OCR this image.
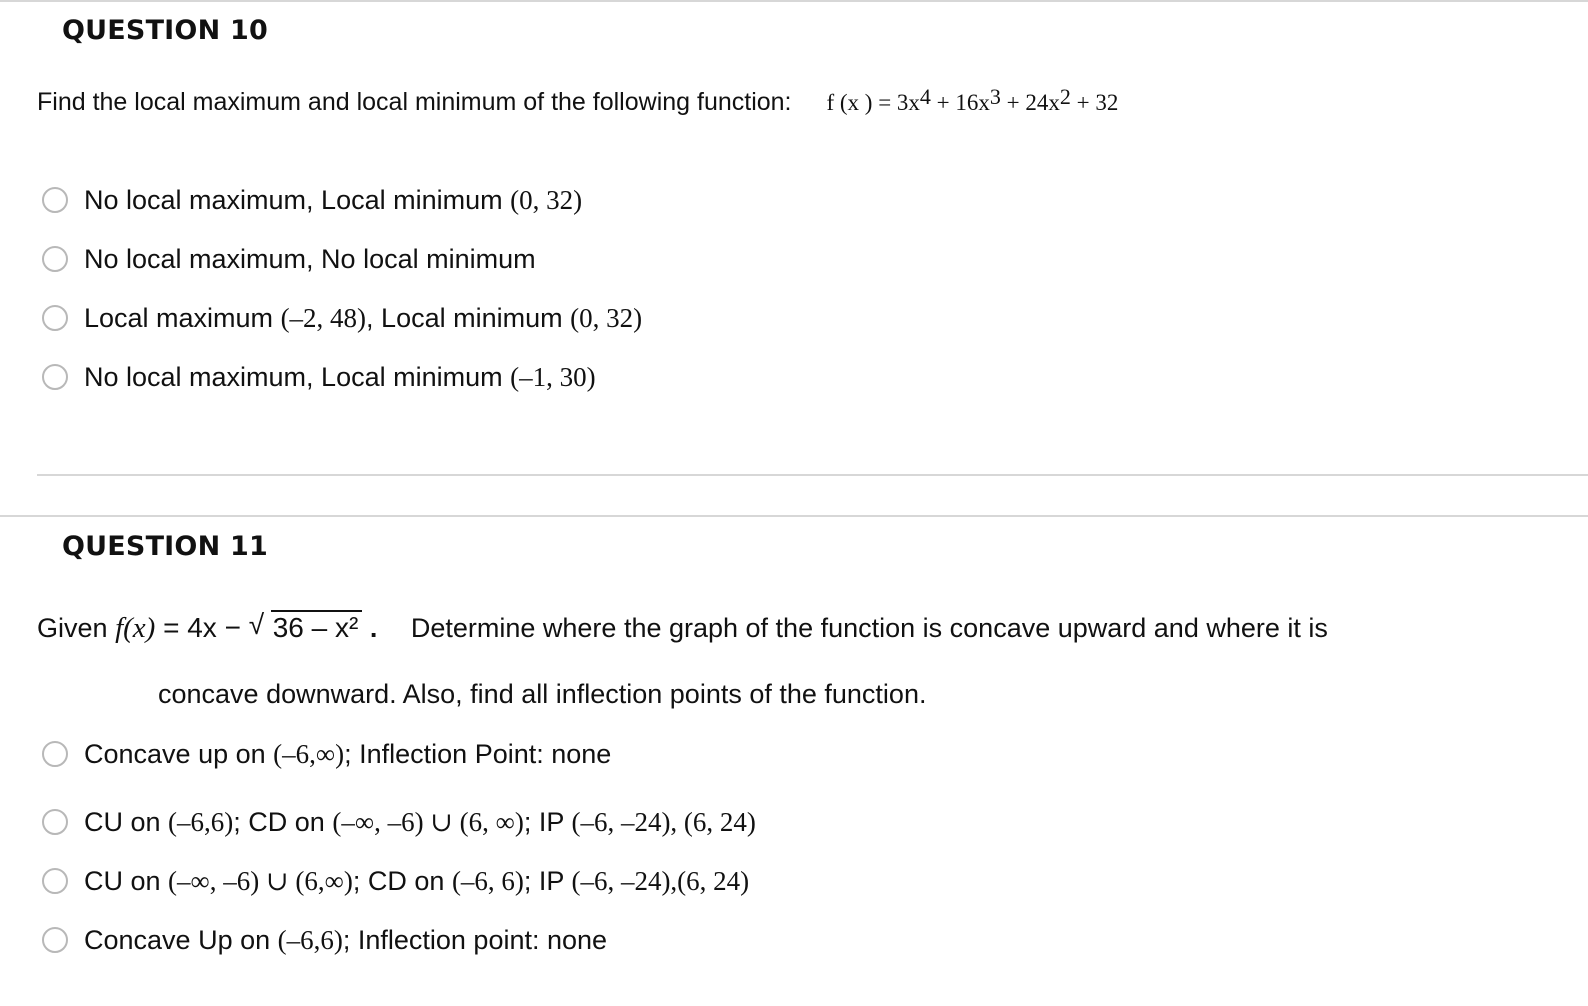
QUESTION 10
Find the local maximum and local minimum of the following function: f (x ) = $3x^4 + 16x^3 + 24x^2 + 32$
No local maximum, Local minimum (0, 32)
No local maximum, No local minimum
Local maximum (–2, 48), Local minimum (0, 32)
No local maximum, Local minimum (–1, 30)
QUESTION 11
Given f(x) = 4x − √ 36 – x² . Determine where the graph of the function is concave upward and where it is
concave downward. Also, find all inflection points of the function.
Concave up on (–6,∞); Inflection Point: none
CU on (–6,6); CD on (–∞, –6) ∪ (6, ∞); IP (–6, –24), (6, 24)
CU on (–∞, –6) ∪ (6,∞); CD on (–6, 6); IP (–6, –24),(6, 24)
Concave Up on (–6,6); Inflection point: none
